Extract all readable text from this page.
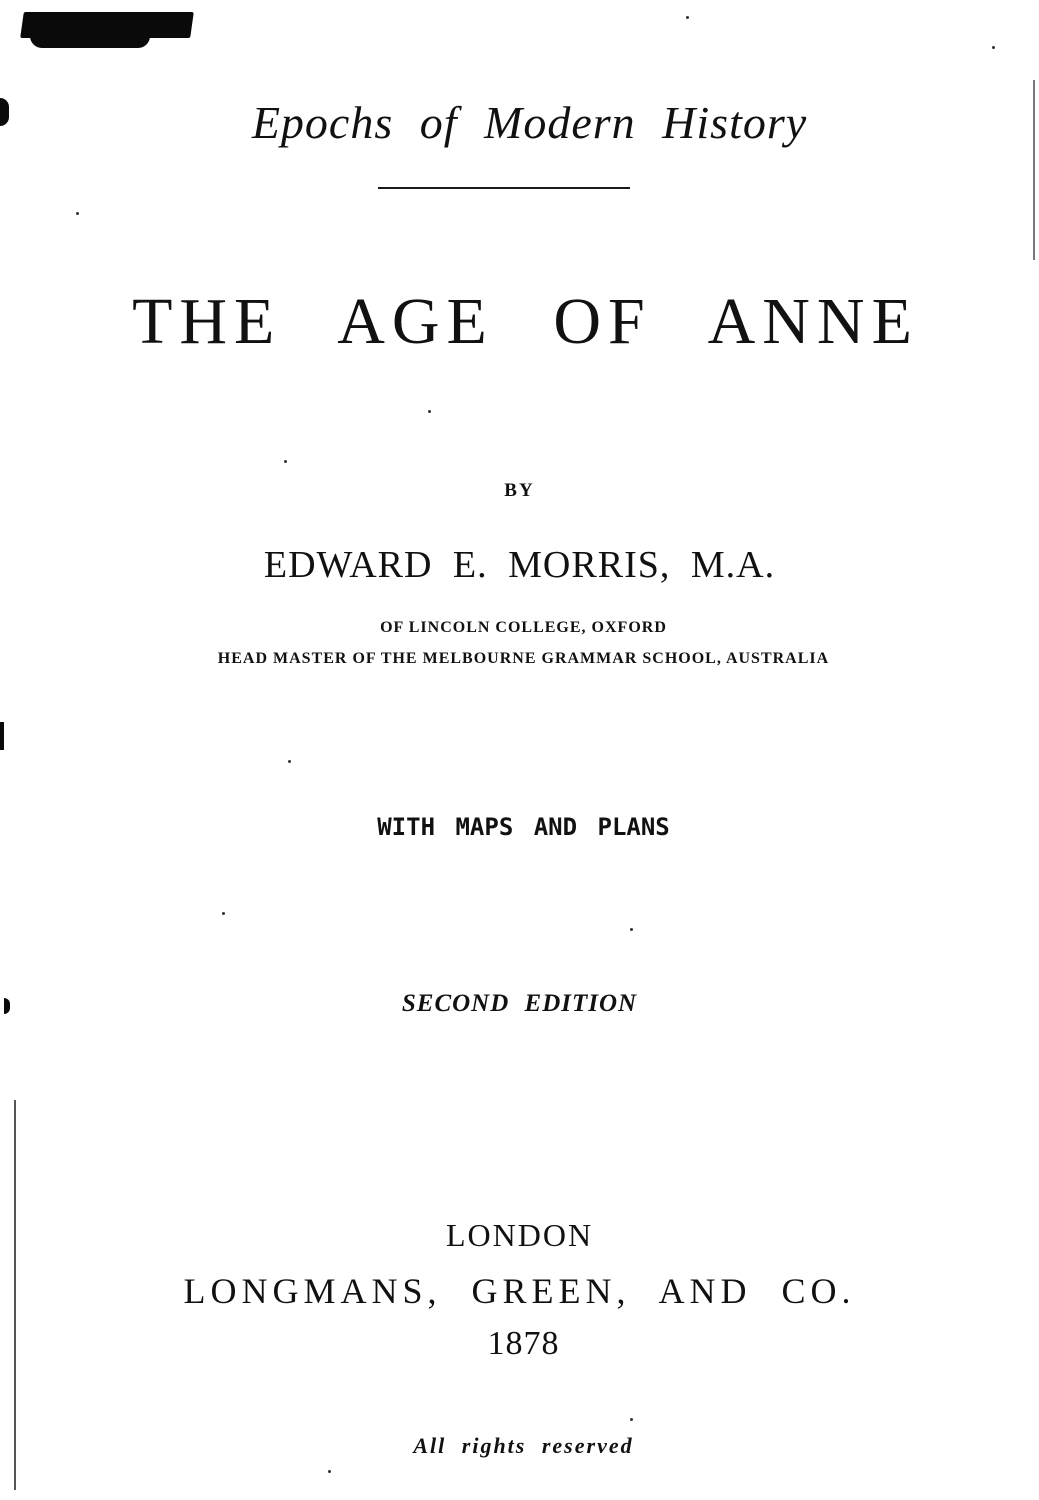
Epochs of Modern History
THE AGE OF ANNE
BY
EDWARD E. MORRIS, M.A.
OF LINCOLN COLLEGE, OXFORD
HEAD MASTER OF THE MELBOURNE GRAMMAR SCHOOL, AUSTRALIA
WITH MAPS AND PLANS
SECOND EDITION
LONDON
LONGMANS, GREEN, AND CO.
1878
All rights reserved
